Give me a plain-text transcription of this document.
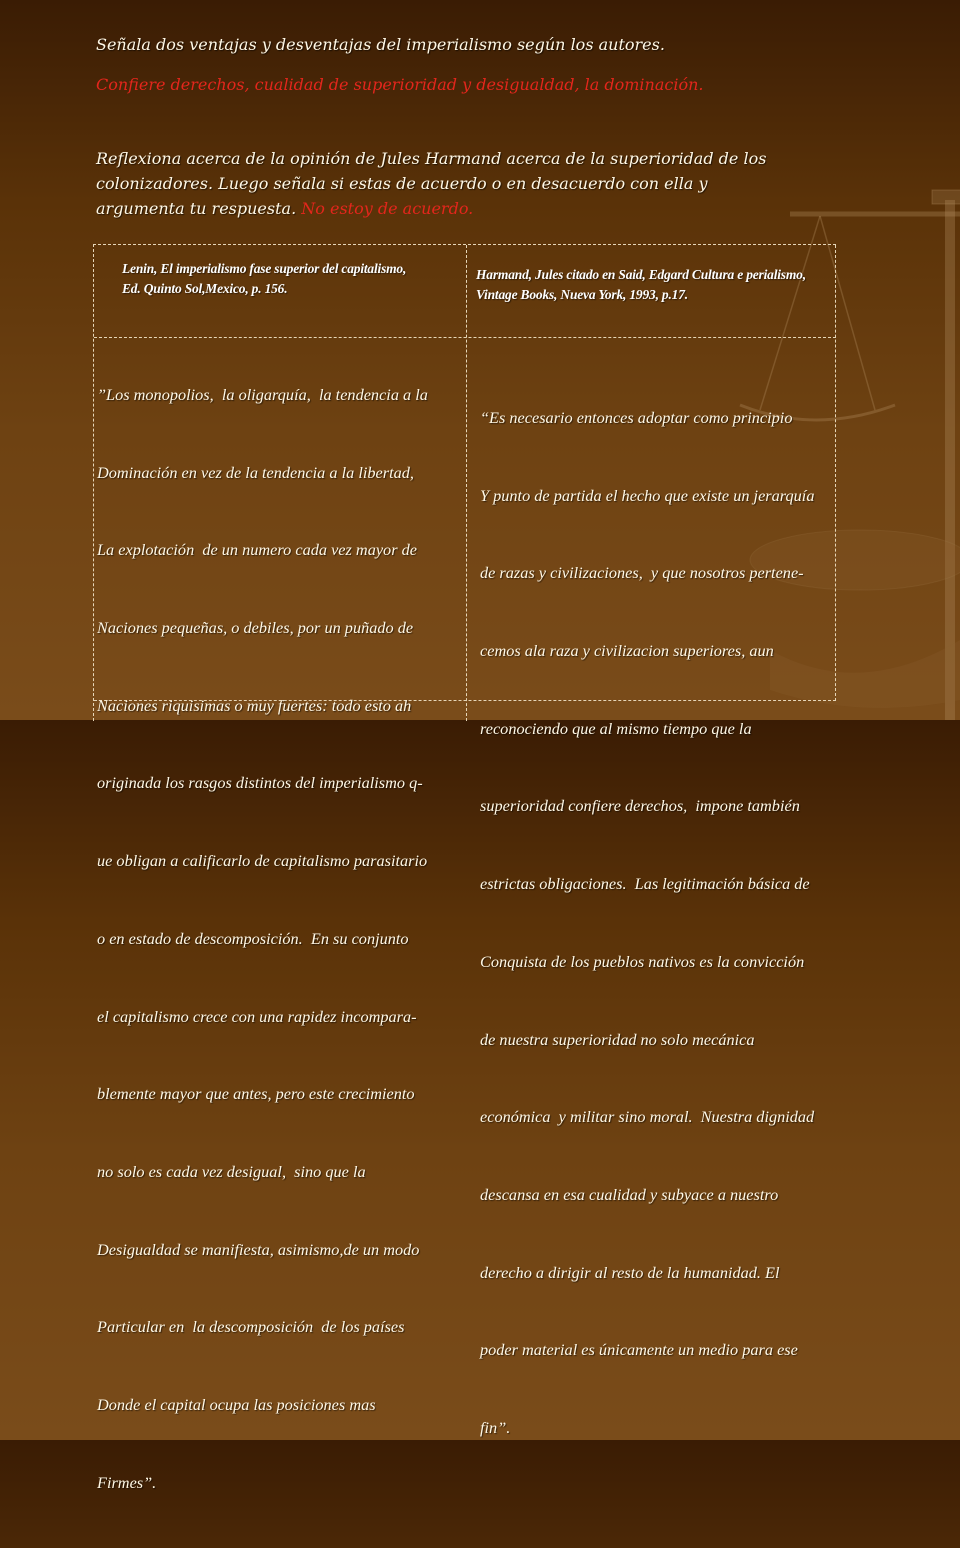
Señala dos ventajas y desventajas del imperialismo según los autores.
Confiere derechos, cualidad de superioridad y desigualdad, la dominación.
Reflexiona acerca de la opinión de Jules Harmand acerca de la superioridad de los colonizadores. Luego señala si estas de acuerdo o en desacuerdo con ella y argumenta tu respuesta. No estoy de acuerdo.
Lenin, El imperialismo fase superior del capitalismo, Ed. Quinto Sol,Mexico, p. 156.
Harmand, Jules citado en Said, Edgard Cultura e perialismo, Vintage Books, Nueva York, 1993, p.17.

”Los monopolios,  la oligarquía,  la tendencia a la

Dominación en vez de la tendencia a la libertad,

La explotación  de un numero cada vez mayor de

Naciones pequeñas, o debiles, por un puñado de

Naciones riquisimas o muy fuertes: todo esto ah

originada los rasgos distintos del imperialismo q-

ue obligan a calificarlo de capitalismo parasitario

o en estado de descomposición.  En su conjunto

el capitalismo crece con una rapidez incompara-

blemente mayor que antes, pero este crecimiento

no solo es cada vez desigual,  sino que la

Desigualdad se manifiesta, asimismo,de un modo

Particular en  la descomposición  de los países

Donde el capital ocupa las posiciones mas

Firmes”.

“Es necesario entonces adoptar como principio

Y punto de partida el hecho que existe un jerarquía

de razas y civilizaciones,  y que nosotros pertene-

cemos ala raza y civilizacion superiores, aun

reconociendo que al mismo tiempo que la

superioridad confiere derechos,  impone también

estrictas obligaciones.  Las legitimación básica de

Conquista de los pueblos nativos es la convicción

de nuestra superioridad no solo mecánica

económica  y militar sino moral.  Nuestra dignidad

descansa en esa cualidad y subyace a nuestro

derecho a dirigir al resto de la humanidad. El

poder material es únicamente un medio para ese

fin”.
